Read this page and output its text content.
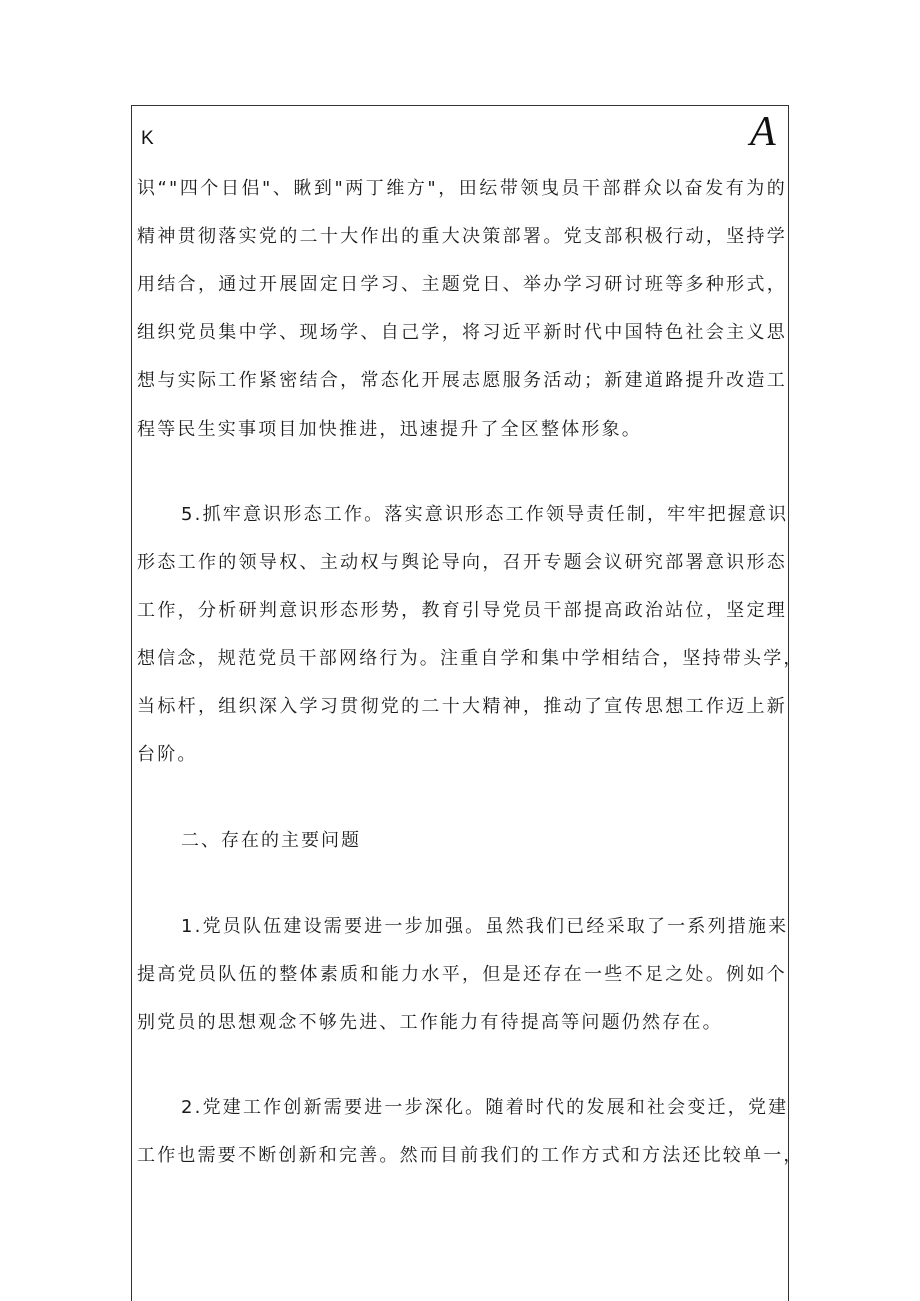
K	A
识“"四个日侣"、瞅到"两丁维方"，田纭带领曳员干部群众以奋发有为的
精神贯彻落实党的二十大作出的重大决策部署。党支部积极行动，坚持学
用结合，通过开展固定日学习、主题党日、举办学习研讨班等多种形式，
组织党员集中学、现场学、自己学，将习近平新时代中国特色社会主义思
想与实际工作紧密结合，常态化开展志愿服务活动；新建道路提升改造工
程等民生实事项目加快推进，迅速提升了全区整体形象。
5.抓牢意识形态工作。落实意识形态工作领导责任制，牢牢把握意识
形态工作的领导权、主动权与舆论导向，召开专题会议研究部署意识形态
工作，分析研判意识形态形势，教育引导党员干部提高政治站位，坚定理
想信念，规范党员干部网络行为。注重自学和集中学相结合，坚持带头学，
当标杆，组织深入学习贯彻党的二十大精神，推动了宣传思想工作迈上新
台阶。
二、存在的主要问题
1.党员队伍建设需要进一步加强。虽然我们已经采取了一系列措施来
提高党员队伍的整体素质和能力水平，但是还存在一些不足之处。例如个
别党员的思想观念不够先进、工作能力有待提高等问题仍然存在。
2.党建工作创新需要进一步深化。随着时代的发展和社会变迁，党建
工作也需要不断创新和完善。然而目前我们的工作方式和方法还比较单一，
